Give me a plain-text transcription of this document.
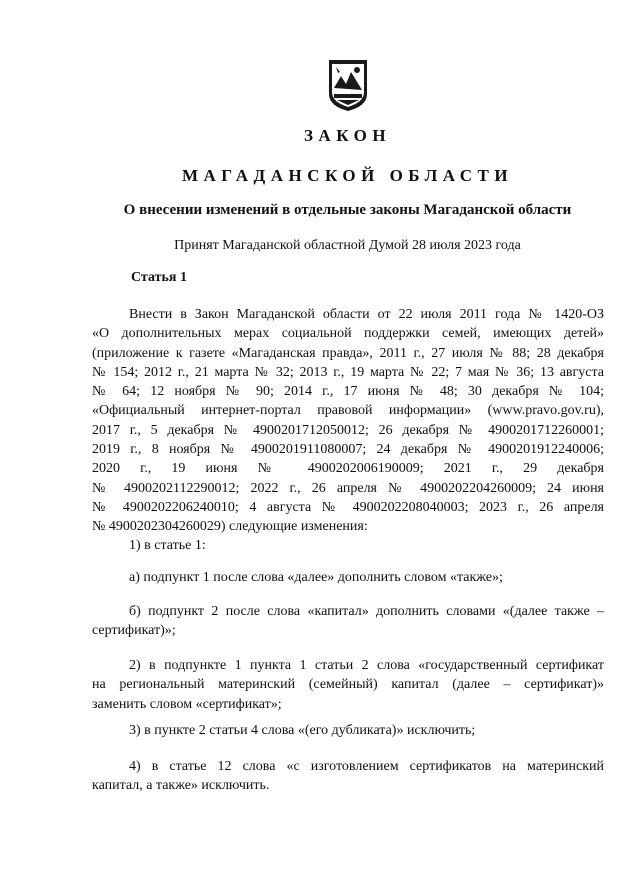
ЗАКОН
МАГАДАНСКОЙ ОБЛАСТИ
О внесении изменений в отдельные законы Магаданской области
Принят Магаданской областной Думой 28 июля 2023 года
Статья 1
Внести в Закон Магаданской области от 22 июля 2011 года № 1420-ОЗ
«О дополнительных мерах социальной поддержки семей, имеющих детей»
(приложение к газете «Магаданская правда», 2011 г., 27 июля № 88; 28 декабря
№ 154; 2012 г., 21 марта № 32; 2013 г., 19 марта № 22; 7 мая № 36; 13 августа
№ 64; 12 ноября № 90; 2014 г., 17 июня № 48; 30 декабря № 104;
«Официальный интернет-портал правовой информации» (www.pravo.gov.ru),
2017 г., 5 декабря № 4900201712050012; 26 декабря № 4900201712260001;
2019 г., 8 ноября № 4900201911080007; 24 декабря № 4900201912240006;
2020 г., 19 июня № 4900202006190009; 2021 г., 29 декабря
№ 4900202112290012; 2022 г., 26 апреля № 4900202204260009; 24 июня
№ 4900202206240010; 4 августа № 4900202208040003; 2023 г., 26 апреля
№ 4900202304260029) следующие изменения:
1) в статье 1:
а) подпункт 1 после слова «далее» дополнить словом «также»;
б) подпункт 2 после слова «капитал» дополнить словами «(далее также –
сертификат)»;
2) в подпункте 1 пункта 1 статьи 2 слова «государственный сертификат
на региональный материнский (семейный) капитал (далее – сертификат)»
заменить словом «сертификат»;
3) в пункте 2 статьи 4 слова «(его дубликата)» исключить;
4) в статье 12 слова «с изготовлением сертификатов на материнский
капитал, а также» исключить.
